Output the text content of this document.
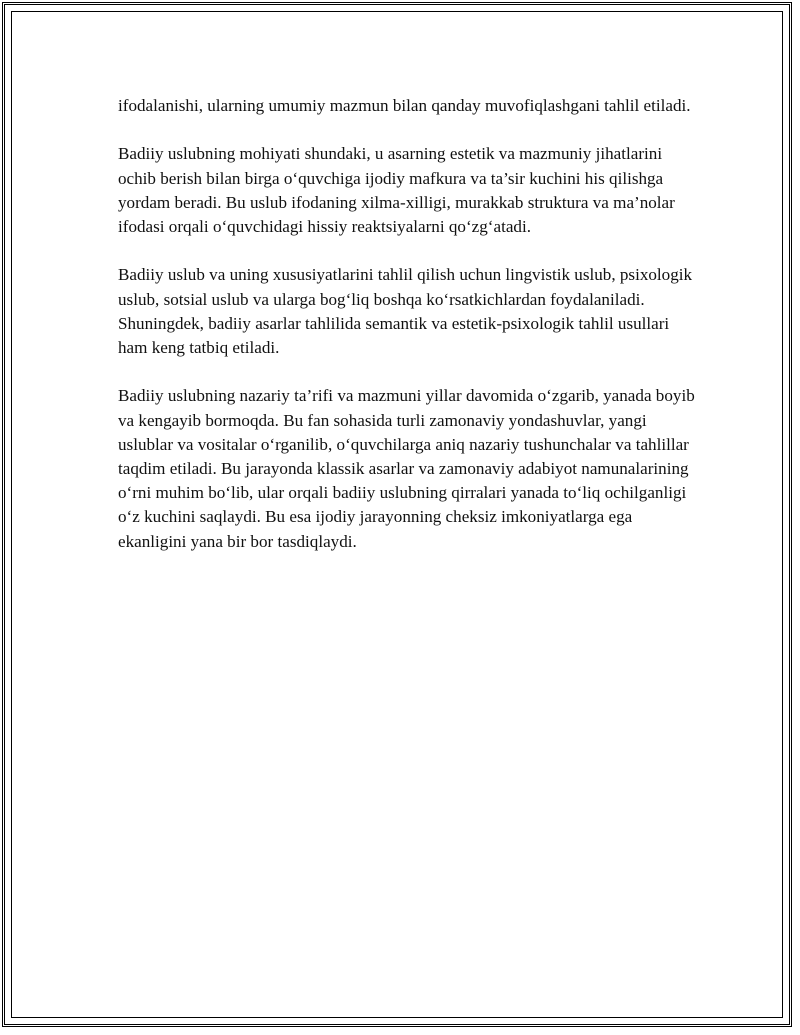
ifodalanishi, ularning umumiy mazmun bilan qanday muvofiqlashgani tahlil etiladi.

Badiiy uslubning mohiyati shundaki, u asarning estetik va mazmuniy jihatlarini ochib berish bilan birga o‘quvchiga ijodiy mafkura va ta’sir kuchini his qilishga yordam beradi. Bu uslub ifodaning xilma-xilligi, murakkab struktura va ma’nolar ifodasi orqali o‘quvchidagi hissiy reaktsiyalarni qo‘zg‘atadi.

Badiiy uslub va uning xususiyatlarini tahlil qilish uchun lingvistik uslub, psixologik uslub, sotsial uslub va ularga bog‘liq boshqa ko‘rsatkichlardan foydalaniladi. Shuningdek, badiiy asarlar tahlilida semantik va estetik-psixologik tahlil usullari ham keng tatbiq etiladi.

Badiiy uslubning nazariy ta’rifi va mazmuni yillar davomida o‘zgarib, yanada boyib va kengayib bormoqda. Bu fan sohasida turli zamonaviy yondashuvlar, yangi uslublar va vositalar o‘rganilib, o‘quvchilarga aniq nazariy tushunchalar va tahlillar taqdim etiladi. Bu jarayonda klassik asarlar va zamonaviy adabiyot namunalarining o‘rni muhim bo‘lib, ular orqali badiiy uslubning qirralari yanada to‘liq ochilganligi o‘z kuchini saqlaydi. Bu esa ijodiy jarayonning cheksiz imkoniyatlarga ega ekanligini yana bir bor tasdiqlaydi.
